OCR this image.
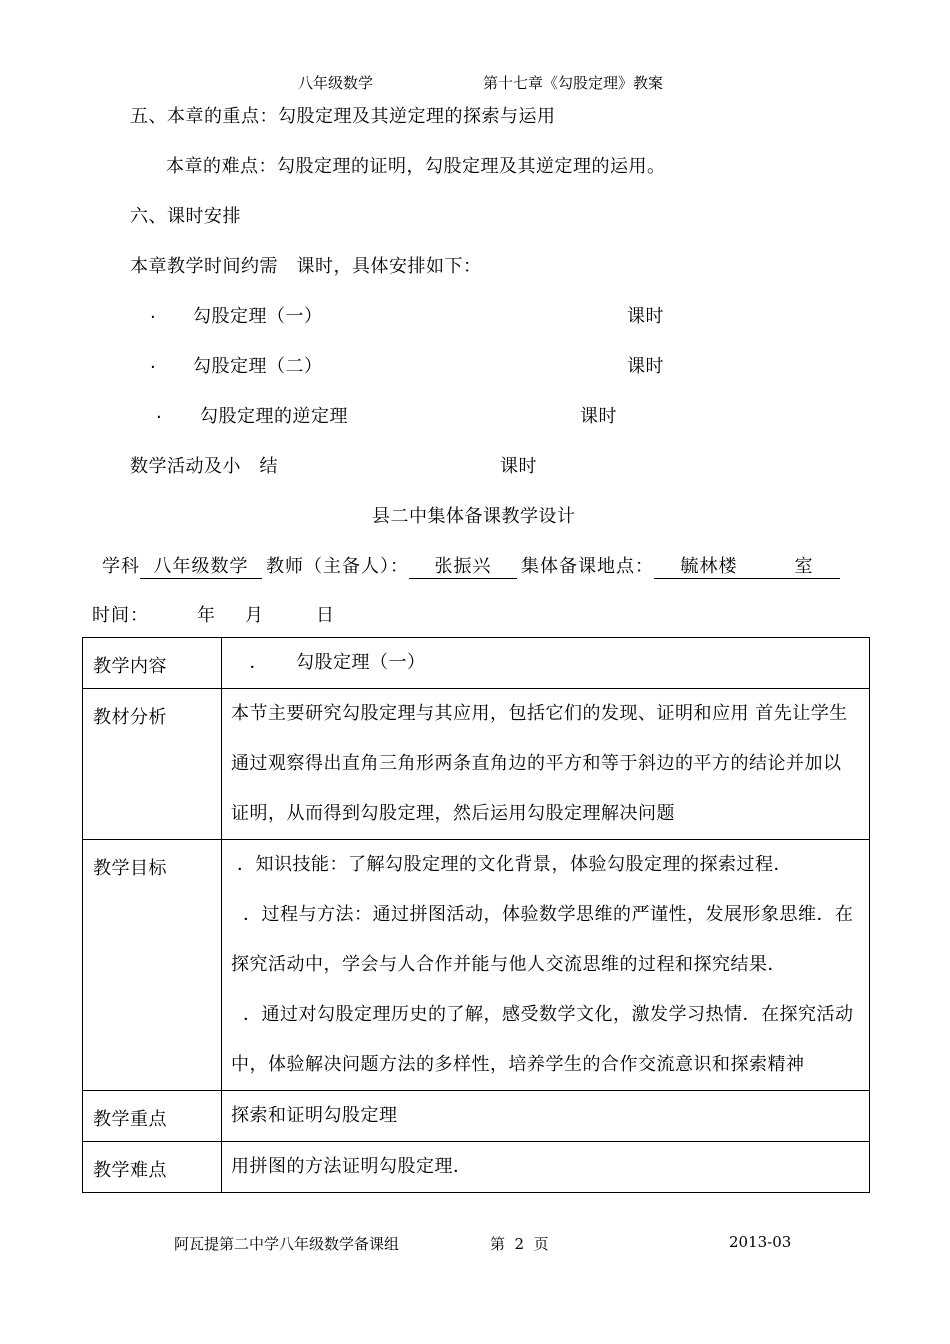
八年级数学	第十七章《勾股定理》教案
五、本章的重点：勾股定理及其逆定理的探索与运用
本章的难点：勾股定理的证明，勾股定理及其逆定理的运用。
六、课时安排
本章教学时间约需　课时，具体安排如下：
. 勾股定理（一）	课时
. 勾股定理（二）	课时
. 勾股定理的逆定理	课时
数学活动及小　结	课时
县二中集体备课教学设计
学科 八年级数学 教师（主备人）： 张振兴 集体备课地点： 毓林楼　　　	室
时间：	年 月	日
教学内容	　．　　勾股定理（一）

教材分析	本节主要研究勾股定理与其应用，包括它们的发现、证明和应用 首先让学生
通过观察得出直角三角形两条直角边的平方和等于斜边的平方的结论并加以
证明，从而得到勾股定理，然后运用勾股定理解决问题

教学目标	．知识技能：了解勾股定理的文化背景，体验勾股定理的探索过程．
．过程与方法：通过拼图活动，体验数学思维的严谨性，发展形象思维．在
探究活动中，学会与人合作并能与他人交流思维的过程和探究结果．
．通过对勾股定理历史的了解，感受数学文化，激发学习热情．在探究活动
中，体验解决问题方法的多样性，培养学生的合作交流意识和探索精神

教学重点	探索和证明勾股定理

教学难点	用拼图的方法证明勾股定理．
阿瓦提第二中学八年级数学备课组	第  2  页	2013-03
